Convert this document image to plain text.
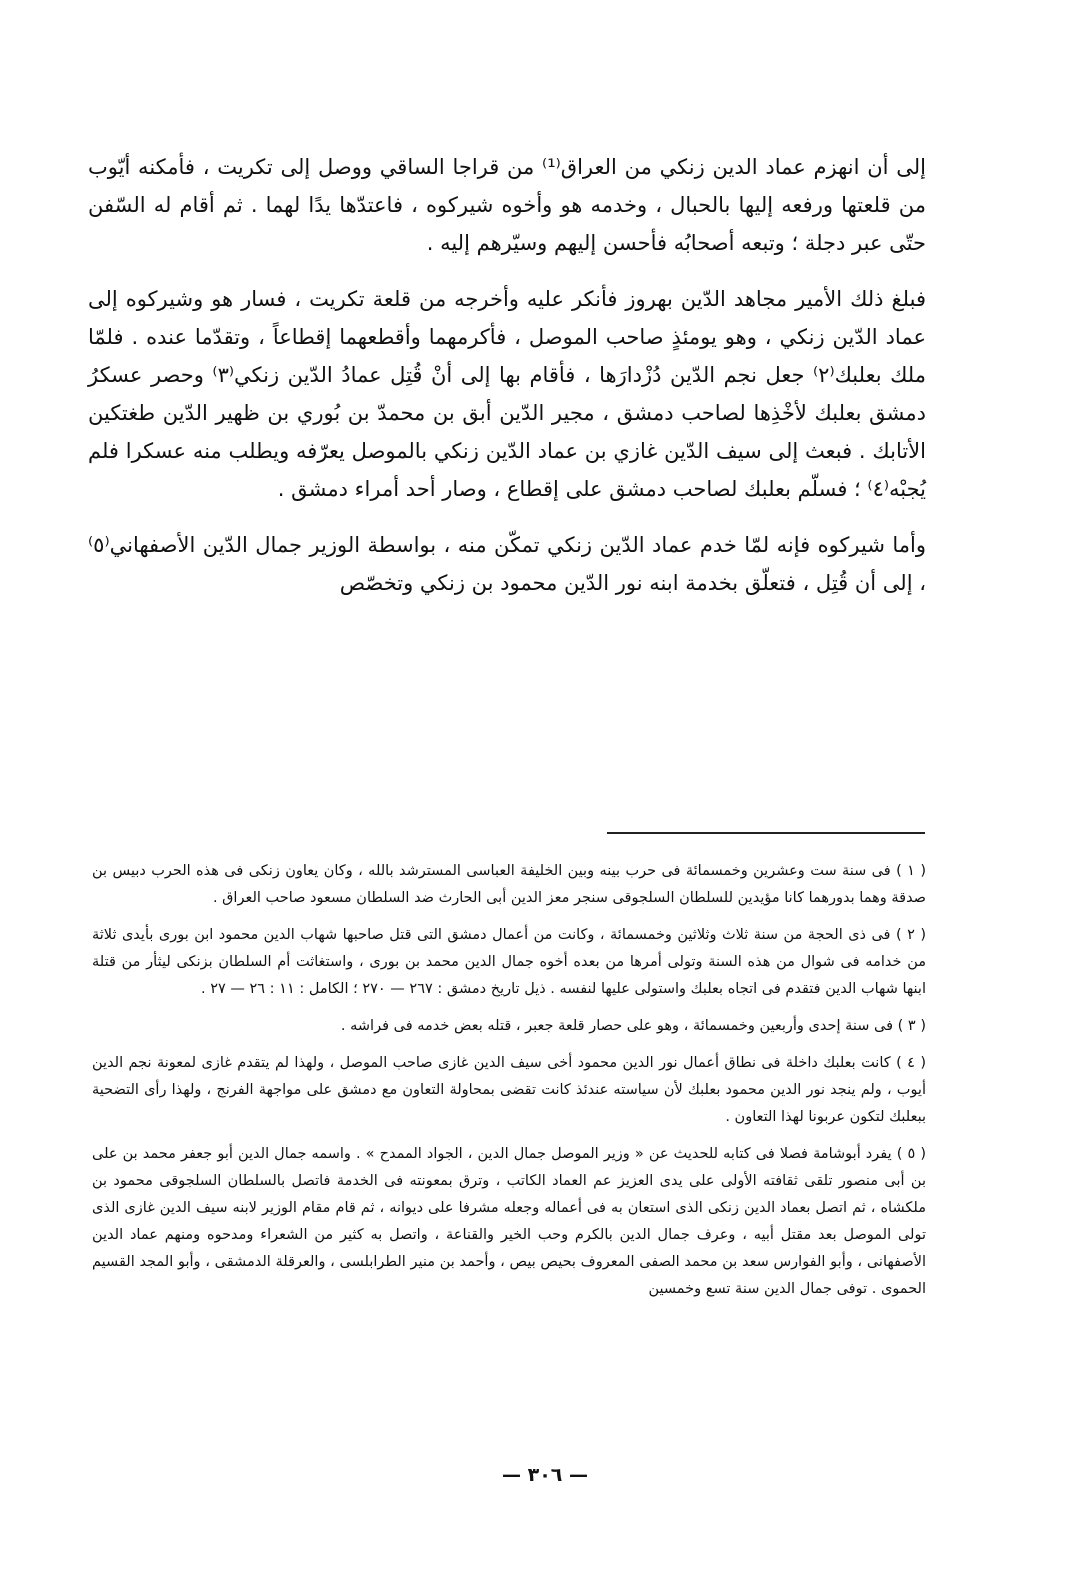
إلى أن انهزم عماد الدين زنكي من العراق⁽¹⁾ من قراجا الساقي ووصل إلى تكريت ، فأمكنه أيّوب من قلعتها ورفعه إليها بالحبال ، وخدمه هو وأخوه شيركوه ، فاعتدّها يدًا لهما . ثم أقام له السّفن حتّى عبر دجلة ؛ وتبعه أصحابُه فأحسن إليهم وسيّرهم إليه .

فبلغ ذلك الأمير مجاهد الدّين بهروز فأنكر عليه وأخرجه من قلعة تكريت ، فسار هو وشيركوه إلى عماد الدّين زنكي ، وهو يومئذٍ صاحب الموصل ، فأكرمهما وأقطعهما إقطاعاً ، وتقدّما عنده . فلمّا ملك بعلبك⁽٢⁾ جعل نجم الدّين دُزْدارَها ، فأقام بها إلى أنْ قُتِل عمادُ الدّين زنكي⁽٣⁾ وحصر عسكرُ دمشق بعلبك لأخْذِها لصاحب دمشق ، مجير الدّين أبق بن محمدّ بن بُوري بن ظهير الدّين طغتكين الأتابك . فبعث إلى سيف الدّين غازي بن عماد الدّين زنكي بالموصل يعرّفه ويطلب منه عسكرا فلم يُجبْه⁽٤⁾ ؛ فسلّم بعلبك لصاحب دمشق على إقطاع ، وصار أحد أمراء دمشق .

وأما شيركوه فإنه لمّا خدم عماد الدّين زنكي تمكّن منه ، بواسطة الوزير جمال الدّين الأصفهاني⁽٥⁾ ، إلى أن قُتِل ، فتعلّق بخدمة ابنه نور الدّين محمود بن زنكي وتخصّص

( ١ ) فى سنة ست وعشرين وخمسمائة فى حرب بينه وبين الخليفة العباسى المسترشد بالله ، وكان يعاون زنكى فى هذه الحرب دبيس بن صدقة وهما بدورهما كانا مؤيدين للسلطان السلجوقى سنجر معز الدين أبى الحارث ضد السلطان مسعود صاحب العراق .

( ٢ ) فى ذى الحجة من سنة ثلاث وثلاثين وخمسمائة ، وكانت من أعمال دمشق التى قتل صاحبها شهاب الدين محمود ابن بورى بأيدى ثلاثة من خدامه فى شوال من هذه السنة وتولى أمرها من بعده أخوه جمال الدين محمد بن بورى ، واستغاثت أم السلطان بزنكى ليثأر من قتلة ابنها شهاب الدين فتقدم فى اتجاه بعلبك واستولى عليها لنفسه . ذيل تاريخ دمشق : ٢٦٧ — ٢٧٠ ؛ الكامل : ١١ : ٢٦ — ٢٧ .

( ٣ ) فى سنة إحدى وأربعين وخمسمائة ، وهو على حصار قلعة جعبر ، قتله بعض خدمه فى فراشه .

( ٤ ) كانت بعلبك داخلة فى نطاق أعمال نور الدين محمود أخى سيف الدين غازى صاحب الموصل ، ولهذا لم يتقدم غازى لمعونة نجم الدين أيوب ، ولم ينجد نور الدين محمود بعلبك لأن سياسته عندئذ كانت تقضى بمحاولة التعاون مع دمشق على مواجهة الفرنج ، ولهذا رأى التضحية ببعلبك لتكون عربونا لهذا التعاون .

( ٥ ) يفرد أبوشامة فصلا فى كتابه للحديث عن « وزير الموصل جمال الدين ، الجواد الممدح » . واسمه جمال الدين أبو جعفر محمد بن على بن أبى منصور تلقى ثقافته الأولى على يدى العزيز عم العماد الكاتب ، وترق بمعونته فى الخدمة فاتصل بالسلطان السلجوقى محمود بن ملكشاه ، ثم اتصل بعماد الدين زنكى الذى استعان به فى أعماله وجعله مشرفا على ديوانه ، ثم قام مقام الوزير لابنه سيف الدين غازى الذى تولى الموصل بعد مقتل أبيه ، وعرف جمال الدين بالكرم وحب الخير والقناعة ، واتصل به كثير من الشعراء ومدحوه ومنهم عماد الدين الأصفهانى ، وأبو الفوارس سعد بن محمد الصفى المعروف بحيص بيص ، وأحمد بن منير الطرابلسى ، والعرقلة الدمشقى ، وأبو المجد القسيم الحموى . توفى جمال الدين سنة تسع وخمسين

— ٣٠٦ —
